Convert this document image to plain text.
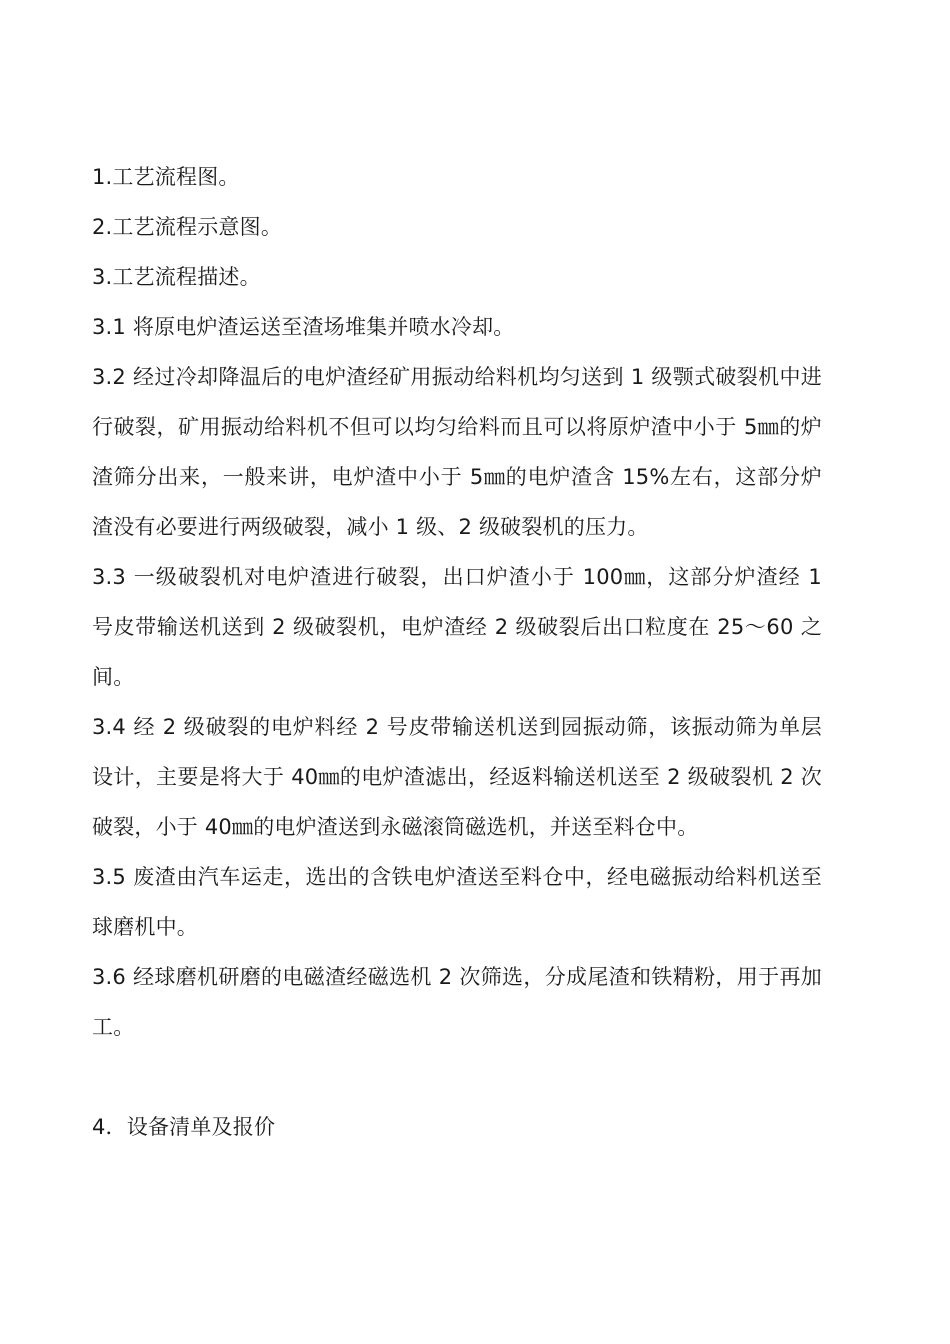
1.工艺流程图。

2.工艺流程示意图。

3.工艺流程描述。

3.1 将原电炉渣运送至渣场堆集并喷水冷却。

3.2 经过冷却降温后的电炉渣经矿用振动给料机均匀送到 1 级颚式破裂机中进行破裂，矿用振动给料机不但可以均匀给料而且可以将原炉渣中小于 5㎜的炉渣筛分出来，一般来讲，电炉渣中小于 5㎜的电炉渣含 15%左右，这部分炉渣没有必要进行两级破裂，减小 1 级、2 级破裂机的压力。

3.3 一级破裂机对电炉渣进行破裂，出口炉渣小于 100㎜，这部分炉渣经 1 号皮带输送机送到 2 级破裂机，电炉渣经 2 级破裂后出口粒度在 25～60 之间。

3.4 经 2 级破裂的电炉料经 2 号皮带输送机送到园振动筛，该振动筛为单层设计，主要是将大于 40㎜的电炉渣滤出，经返料输送机送至 2 级破裂机 2 次破裂，小于 40㎜的电炉渣送到永磁滚筒磁选机，并送至料仓中。

3.5 废渣由汽车运走，选出的含铁电炉渣送至料仓中，经电磁振动给料机送至球磨机中。

3.6 经球磨机研磨的电磁渣经磁选机 2 次筛选，分成尾渣和铁精粉，用于再加工。

4．设备清单及报价
